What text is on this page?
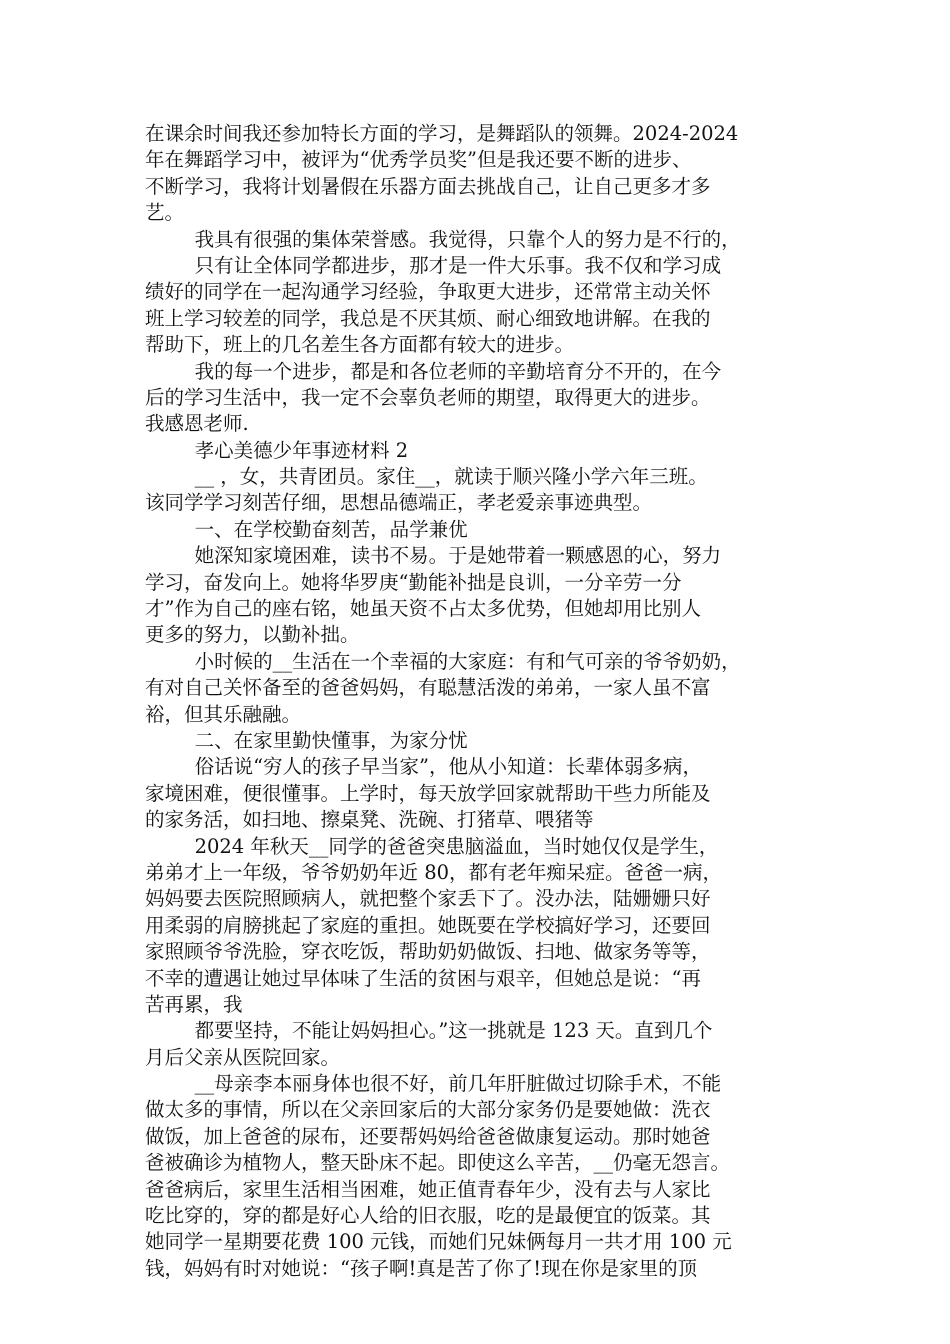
在课余时间我还参加特长方面的学习，是舞蹈队的领舞。2024-2024
年在舞蹈学习中，被评为“优秀学员奖”但是我还要不断的进步、
不断学习，我将计划暑假在乐器方面去挑战自己，让自己更多才多
艺。
我具有很强的集体荣誉感。我觉得，只靠个人的努力是不行的，
只有让全体同学都进步，那才是一件大乐事。我不仅和学习成
绩好的同学在一起沟通学习经验，争取更大进步，还常常主动关怀
班上学习较差的同学，我总是不厌其烦、耐心细致地讲解。在我的
帮助下，班上的几名差生各方面都有较大的进步。
我的每一个进步，都是和各位老师的辛勤培育分不开的，在今
后的学习生活中，我一定不会辜负老师的期望，取得更大的进步。
我感恩老师.
孝心美德少年事迹材料 2
__ ，女，共青团员。家住__，就读于顺兴隆小学六年三班。
该同学学习刻苦仔细，思想品德端正，孝老爱亲事迹典型。
一、在学校勤奋刻苦，品学兼优
她深知家境困难，读书不易。于是她带着一颗感恩的心，努力
学习，奋发向上。她将华罗庚“勤能补拙是良训，一分辛劳一分
才”作为自己的座右铭，她虽天资不占太多优势，但她却用比别人
更多的努力，以勤补拙。
小时候的__生活在一个幸福的大家庭：有和气可亲的爷爷奶奶，
有对自己关怀备至的爸爸妈妈，有聪慧活泼的弟弟，一家人虽不富
裕，但其乐融融。
二、在家里勤快懂事，为家分忧
俗话说“穷人的孩子早当家”，他从小知道：长辈体弱多病，
家境困难，便很懂事。上学时，每天放学回家就帮助干些力所能及
的家务活，如扫地、擦桌凳、洗碗、打猪草、喂猪等
2024 年秋天__同学的爸爸突患脑溢血，当时她仅仅是学生，
弟弟才上一年级，爷爷奶奶年近 80，都有老年痴呆症。爸爸一病，
妈妈要去医院照顾病人，就把整个家丢下了。没办法，陆姗姗只好
用柔弱的肩膀挑起了家庭的重担。她既要在学校搞好学习，还要回
家照顾爷爷洗脸，穿衣吃饭，帮助奶奶做饭、扫地、做家务等等，
不幸的遭遇让她过早体味了生活的贫困与艰辛，但她总是说：“再
苦再累，我
都要坚持，不能让妈妈担心。”这一挑就是 123 天。直到几个
月后父亲从医院回家。
__母亲李本丽身体也很不好，前几年肝脏做过切除手术，不能
做太多的事情，所以在父亲回家后的大部分家务仍是要她做：洗衣
做饭，加上爸爸的尿布，还要帮妈妈给爸爸做康复运动。那时她爸
爸被确诊为植物人，整天卧床不起。即使这么辛苦，__仍毫无怨言。
爸爸病后，家里生活相当困难，她正值青春年少，没有去与人家比
吃比穿的，穿的都是好心人给的旧衣服，吃的是最便宜的饭菜。其
她同学一星期要花费 100 元钱，而她们兄妹俩每月一共才用 100 元
钱，妈妈有时对她说：“孩子啊!真是苦了你了!现在你是家里的顶
